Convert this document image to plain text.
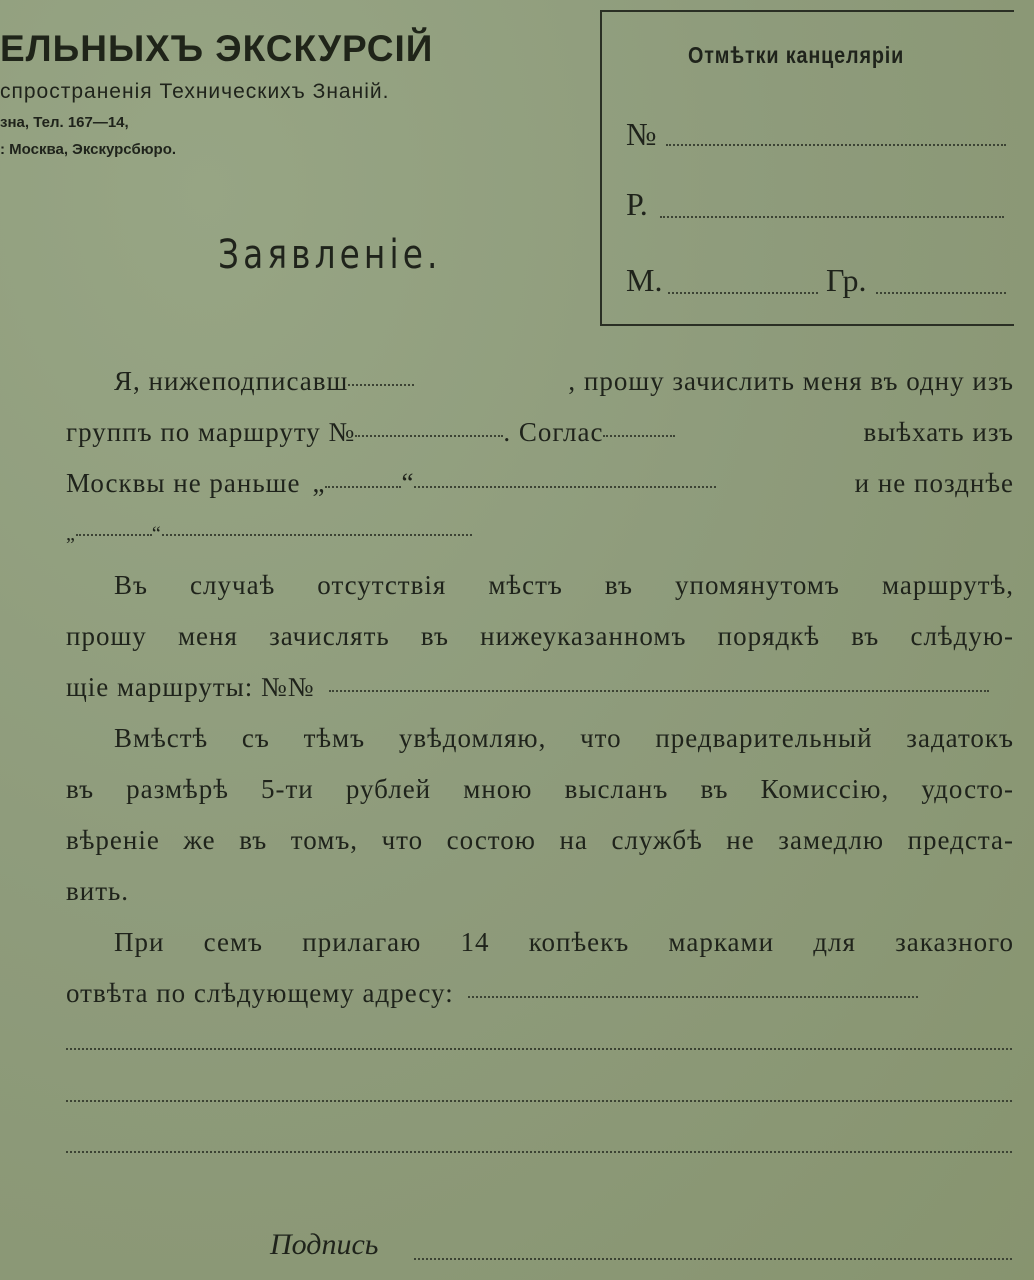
ЕЛЬНЫХЪ ЭКСКУРСІЙ
спространенія Техническихъ Знаній.
зна, Тел. 167—14,
: Москва, Экскурсбюро.
Заявленіе.
Отмѣтки канцеляріи
№
Р.
М.	Гр.
Я, нижеподписавш	, прошу зачислить меня въ одну изъ
группъ по маршруту №	. Соглас	выѣхать изъ
Москвы не раньше „	“	и не позднѣе
„	“
Въ случаѣ отсутствія мѣстъ въ упомянутомъ маршрутѣ,
прошу меня зачислять въ нижеуказанномъ порядкѣ въ слѣдую-
щіе маршруты: №№
Вмѣстѣ съ тѣмъ увѣдомляю, что предварительный задатокъ
въ размѣрѣ 5-ти рублей мною высланъ въ Комиссію, удосто-
вѣреніе же въ томъ, что состою на службѣ не замедлю предста-
вить.
При семъ прилагаю 14 копѣекъ марками для заказного
отвѣта по слѣдующему адресу:
Подпись
